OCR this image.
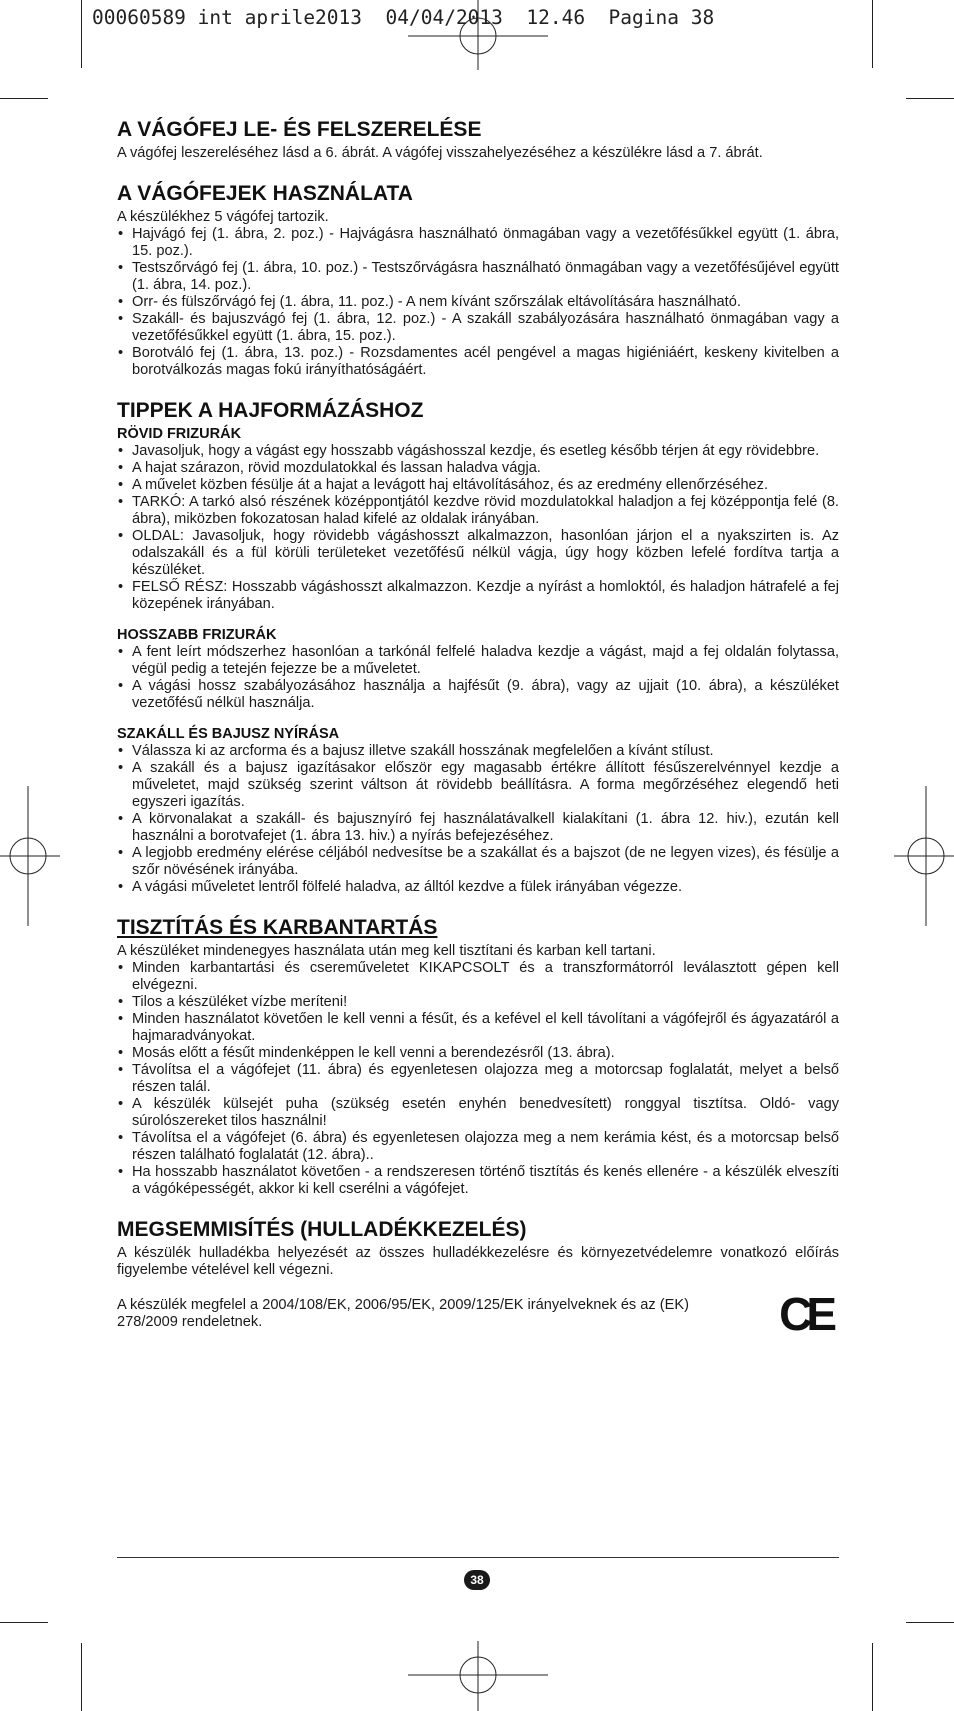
00060589 int aprile2013  04/04/2013  12.46  Pagina 38
A VÁGÓFEJ LE- ÉS FELSZERELÉSE

A vágófej leszereléséhez lásd a 6. ábrát. A vágófej visszahelyezéséhez a készülékre lásd a 7. ábrát.

A VÁGÓFEJEK HASZNÁLATA

A készülékhez 5 vágófej tartozik.

• Hajvágó fej (1. ábra, 2. poz.) - Hajvágásra használható önmagában vagy a vezetőfésűkkel együtt (1. ábra, 15. poz.).
• Testszőrvágó fej (1. ábra, 10. poz.) - Testszőrvágásra használható önmagában vagy a vezetőfésűjével együtt (1. ábra, 14. poz.).
• Orr- és fülszőrvágó fej (1. ábra, 11. poz.) - A nem kívánt szőrszálak eltávolítására használható.
• Szakáll- és bajuszvágó fej (1. ábra, 12. poz.) - A szakáll szabályozására használható önmagában vagy a vezetőfésűkkel együtt (1. ábra, 15. poz.).
• Borotváló fej (1. ábra, 13. poz.) - Rozsdamentes acél pengével a magas higiéniáért, keskeny kivitelben a borotválkozás magas fokú irányíthatóságáért.
TIPPEK A HAJFORMÁZÁSHOZ
RÖVID FRIZURÁK
• Javasoljuk, hogy a vágást egy hosszabb vágáshosszal kezdje, és esetleg később térjen át egy rövidebbre.
• A hajat szárazon, rövid mozdulatokkal és lassan haladva vágja.
• A művelet közben fésülje át a hajat a levágott haj eltávolításához, és az eredmény ellenőrzéséhez.
• TARKÓ: A tarkó alsó részének középpontjától kezdve rövid mozdulatokkal haladjon a fej középpontja felé (8. ábra), miközben fokozatosan halad kifelé az oldalak irányában.
• OLDAL: Javasoljuk, hogy rövidebb vágáshosszt alkalmazzon, hasonlóan járjon el a nyakszirten is. Az odalszakáll és a fül körüli területeket vezetőfésű nélkül vágja, úgy hogy közben lefelé fordítva tartja a készüléket.
• FELSŐ RÉSZ: Hosszabb vágáshosszt alkalmazzon. Kezdje a nyírást a homloktól, és haladjon hátrafelé a fej közepének irányában.
HOSSZABB FRIZURÁK
• A fent leírt módszerhez hasonlóan a tarkónál felfelé haladva kezdje a vágást, majd a fej oldalán folytassa, végül pedig a tetején fejezze be a műveletet.
• A vágási hossz szabályozásához használja a hajfésűt (9. ábra), vagy az ujjait (10. ábra), a készüléket vezetőfésű nélkül használja.
SZAKÁLL ÉS BAJUSZ NYÍRÁSA
• Válassza ki az arcforma és a bajusz illetve szakáll hosszának megfelelően a kívánt stílust.
• A szakáll és a bajusz igazításakor először egy magasabb értékre állított fésűszerelvénnyel kezdje a műveletet, majd szükség szerint váltson át rövidebb beállításra. A forma megőrzéséhez elegendő heti egyszeri igazítás.
• A körvonalakat a szakáll- és bajusznyíró fej használatávalkell kialakítani (1. ábra 12. hiv.), ezután kell használni a borotvafejet (1. ábra 13. hiv.) a nyírás befejezéséhez.
• A legjobb eredmény elérése céljából nedvesítse be a szakállat és a bajszot (de ne legyen vizes), és fésülje a szőr növésének irányába.
• A vágási műveletet lentről fölfelé haladva, az álltól kezdve a fülek irányában végezze.
TISZTÍTÁS ÉS KARBANTARTÁS

A készüléket mindenegyes használata után meg kell tisztítani és karban kell tartani.

• Minden karbantartási és csereműveletet KIKAPCSOLT és a transzformátorról leválasztott gépen kell elvégezni.
• Tilos a készüléket vízbe meríteni!
• Minden használatot követően le kell venni a fésűt, és a kefével el kell távolítani a vágófejről és ágyazatáról a hajmaradványokat.
• Mosás előtt a fésűt mindenképpen le kell venni a berendezésről (13. ábra).
• Távolítsa el a vágófejet (11. ábra) és egyenletesen olajozza meg a motorcsap foglalatát, melyet a belső részen talál.
• A készülék külsejét puha (szükség esetén enyhén benedvesített) ronggyal tisztítsa. Oldó- vagy súrolószereket tilos használni!
• Távolítsa el a vágófejet (6. ábra) és egyenletesen olajozza meg a nem kerámia kést, és a motorcsap belső részen található foglalatát (12. ábra)..
• Ha hosszabb használatot követően - a rendszeresen történő tisztítás és kenés ellenére - a készülék elveszíti a vágóképességét, akkor ki kell cserélni a vágófejet.
MEGSEMMISÍTÉS (HULLADÉKKEZELÉS)

A készülék hulladékba helyezését az összes hulladékkezelésre és környezetvédelemre vonatkozó előírás figyelembe vételével kell végezni.

A készülék megfelel a 2004/108/EK, 2006/95/EK, 2009/125/EK irányelveknek és az (EK) 278/2009 rendeletnek.	CE
38
